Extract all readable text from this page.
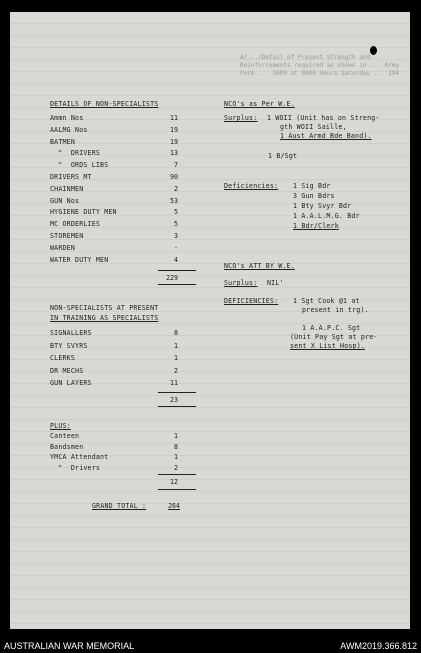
A/.../Detail of Present Strength and Reinforcements required as shown in ... Army Form ... 3000 at 0900 Hours Saturday ... 194
DETAILS OF NON-SPECIALISTS
Ammn Nos	11
AALMG Nos	19
BATMEN	19
"  DRIVERS	13
"  ORDS LIBS	7
DRIVERS MT	90
CHAINMEN	2
GUN Nos	53
HYGIENE DUTY MEN	5
MC ORDERLIES	5
STOREMEN	3
WARDEN	-
WATER DUTY MEN	4
229
NON-SPECIALISTS AT PRESENT
IN TRAINING AS SPECIALISTS
SIGNALLERS	8
BTY SVYRS	1
CLERKS	1
DR MECHS	2
GUN LAYERS	11
23
PLUS:
Canteen	1
Bandsmen	8
YMCA Attendant	1
"  Drivers	2
12
GRAND TOTAL :	264
NCO's as Per W.E.
Surplus: 1 WOII (Unit has on Streng-
gth WOII Saille,
1 Aust Armd Bde Band).
1 B/Sgt
Deficiencies: 1 Sig Bdr
3 Gun Bdrs
1 Bty Svyr Bdr
1 A.A.L.M.G. Bdr
1 Bdr/Clerk
NCO's ATT BY W.E.
Surplus: NIL'
DEFICIENCIES: 1 Sgt Cook @1 at
present in trg).
1 A.A.P.C. Sgt
(Unit Pay Sgt at pre-
sent X List Hosp).
AUSTRALIAN WAR MEMORIAL	AWM2019.366.812
